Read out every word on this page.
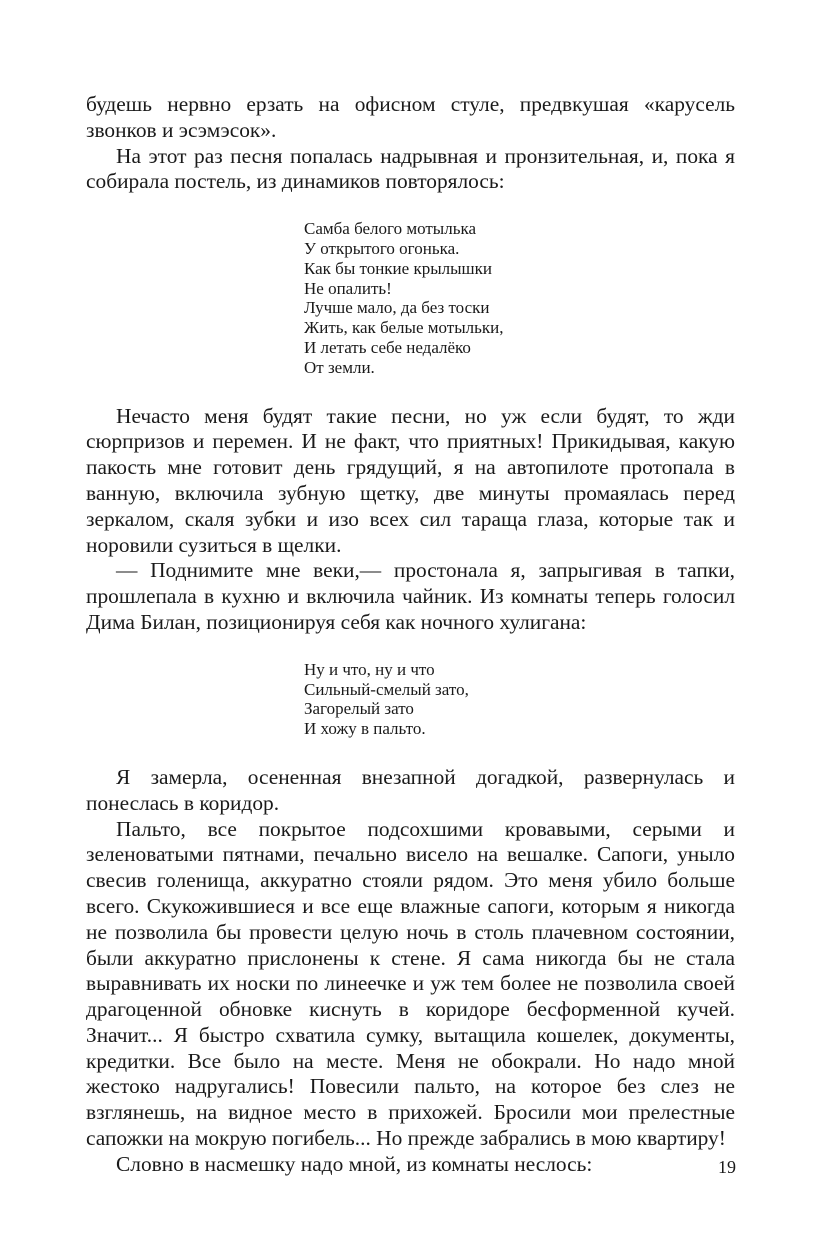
будешь нервно ерзать на офисном стуле, предвкушая «карусель звонков и эсэмэсок».

На этот раз песня попалась надрывная и пронзительная, и, пока я собирала постель, из динамиков повторялось:

Самба белого мотылька
У открытого огонька.
Как бы тонкие крылышки
Не опалить!
Лучше мало, да без тоски
Жить, как белые мотыльки,
И летать себе недалёко
От земли.

Нечасто меня будят такие песни, но уж если будят, то жди сюрпризов и перемен. И не факт, что приятных! Прикидывая, какую пакость мне готовит день грядущий, я на автопилоте протопала в ванную, включила зубную щетку, две минуты промаялась перед зеркалом, скаля зубки и изо всех сил тараща глаза, которые так и норовили сузиться в щелки.

— Поднимите мне веки,— простонала я, запрыгивая в тапки, прошлепала в кухню и включила чайник. Из комнаты теперь голосил Дима Билан, позиционируя себя как ночного хулигана:

Ну и что, ну и что
Сильный-смелый зато,
Загорелый зато
И хожу в пальто.

Я замерла, осененная внезапной догадкой, развернулась и понеслась в коридор.

Пальто, все покрытое подсохшими кровавыми, серыми и зеленоватыми пятнами, печально висело на вешалке. Сапоги, уныло свесив голенища, аккуратно стояли рядом. Это меня убило больше всего. Скукожившиеся и все еще влажные сапоги, которым я никогда не позволила бы провести целую ночь в столь плачевном состоянии, были аккуратно прислонены к стене. Я сама никогда бы не стала выравнивать их носки по линеечке и уж тем более не позволила своей драгоценной обновке киснуть в коридоре бесформенной кучей. Значит... Я быстро схватила сумку, вытащила кошелек, документы, кредитки. Все было на месте. Меня не обокрали. Но надо мной жестоко надругались! Повесили пальто, на которое без слез не взглянешь, на видное место в прихожей. Бросили мои прелестные сапожки на мокрую погибель... Но прежде забрались в мою квартиру!

Словно в насмешку надо мной, из комнаты неслось:	19
